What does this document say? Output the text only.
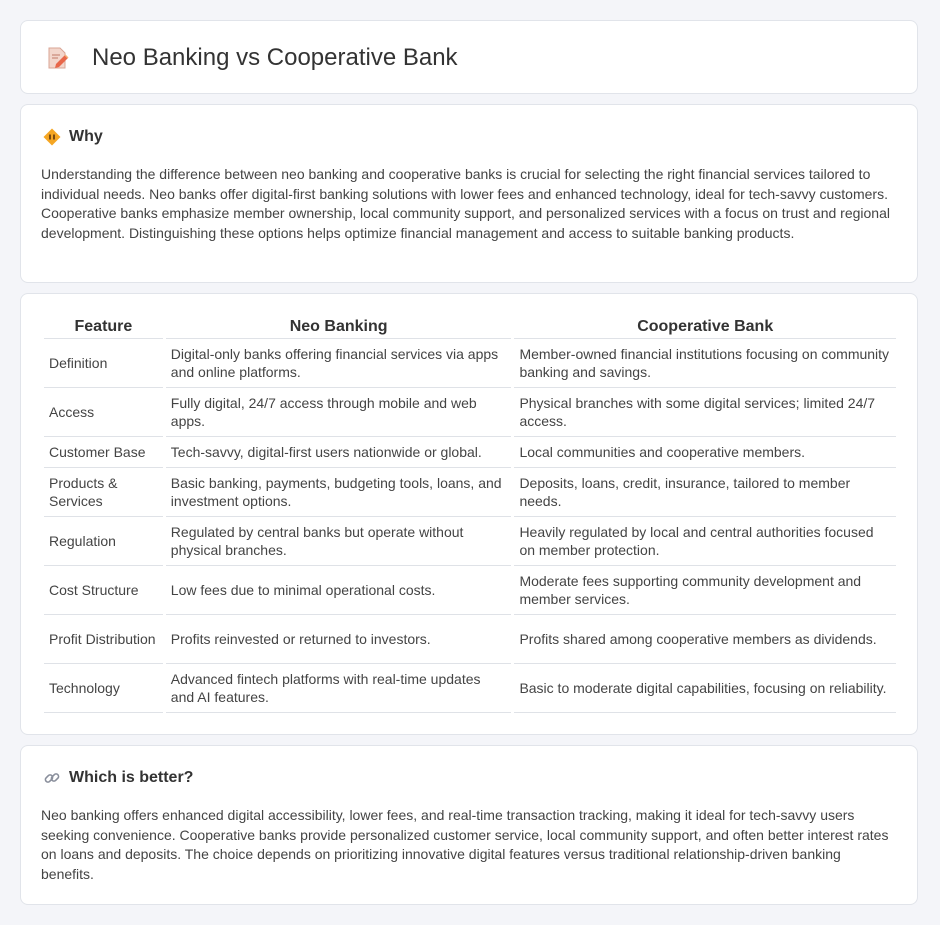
Neo Banking vs Cooperative Bank
Why

Understanding the difference between neo banking and cooperative banks is crucial for selecting the right financial services tailored to individual needs. Neo banks offer digital-first banking solutions with lower fees and enhanced technology, ideal for tech-savvy customers. Cooperative banks emphasize member ownership, local community support, and personalized services with a focus on trust and regional development. Distinguishing these options helps optimize financial management and access to suitable banking products.

Feature	Neo Banking	Cooperative Bank
Definition	Digital-only banks offering financial services via apps and online platforms.	Member-owned financial institutions focusing on community banking and savings.
Access	Fully digital, 24/7 access through mobile and web apps.	Physical branches with some digital services; limited 24/7 access.
Customer Base	Tech-savvy, digital-first users nationwide or global.	Local communities and cooperative members.
Products & Services	Basic banking, payments, budgeting tools, loans, and investment options.	Deposits, loans, credit, insurance, tailored to member needs.
Regulation	Regulated by central banks but operate without physical branches.	Heavily regulated by local and central authorities focused on member protection.
Cost Structure	Low fees due to minimal operational costs.	Moderate fees supporting community development and member services.
Profit Distribution	Profits reinvested or returned to investors.	Profits shared among cooperative members as dividends.
Technology	Advanced fintech platforms with real-time updates and AI features.	Basic to moderate digital capabilities, focusing on reliability.
Which is better?

Neo banking offers enhanced digital accessibility, lower fees, and real-time transaction tracking, making it ideal for tech-savvy users seeking convenience. Cooperative banks provide personalized customer service, local community support, and often better interest rates on loans and deposits. The choice depends on prioritizing innovative digital features versus traditional relationship-driven banking benefits.
